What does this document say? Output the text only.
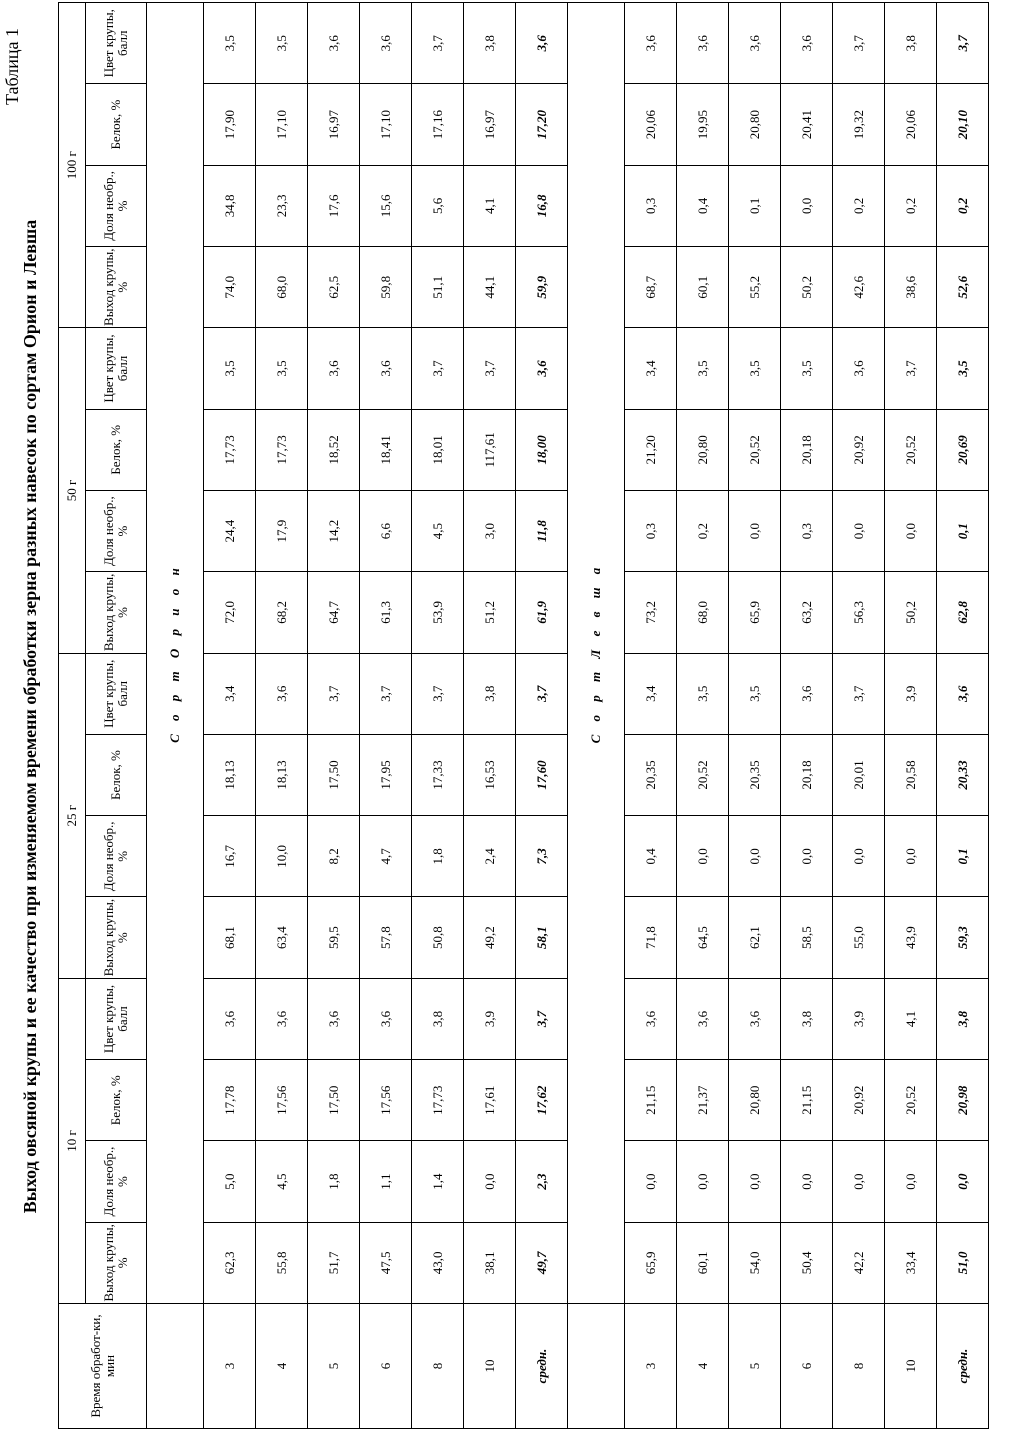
Таблица 1
Выход овсяной крупы и ее качество при изменяемом времени обработки зерна разных навесок по сортам Орион и Левша
Время обработ-ки, мин	10 г				25 г				50 г				100 г			
	Выход крупы, %	Доля необр., %	Белок, %	Цвет крупы, балл	Выход крупы, %	Доля необр., %	Белок, %	Цвет крупы, балл	Выход крупы, %	Доля необр., %	Белок, %	Цвет крупы, балл	Выход крупы, %	Доля необр., %	Белок, %	Цвет крупы, балл
	С о р т О р и о н															
3	62,3	5,0	17,78	3,6	68,1	16,7	18,13	3,4	72,0	24,4	17,73	3,5	74,0	34,8	17,90	3,5
4	55,8	4,5	17,56	3,6	63,4	10,0	18,13	3,6	68,2	17,9	17,73	3,5	68,0	23,3	17,10	3,5
5	51,7	1,8	17,50	3,6	59,5	8,2	17,50	3,7	64,7	14,2	18,52	3,6	62,5	17,6	16,97	3,6
6	47,5	1,1	17,56	3,6	57,8	4,7	17,95	3,7	61,3	6,6	18,41	3,6	59,8	15,6	17,10	3,6
8	43,0	1,4	17,73	3,8	50,8	1,8	17,33	3,7	53,9	4,5	18,01	3,7	51,1	5,6	17,16	3,7
10	38,1	0,0	17,61	3,9	49,2	2,4	16,53	3,8	51,2	3,0	117,61	3,7	44,1	4,1	16,97	3,8
средн.	49,7	2,3	17,62	3,7	58,1	7,3	17,60	3,7	61,9	11,8	18,00	3,6	59,9	16,8	17,20	3,6
	С о р т Л е в ш а															
3	65,9	0,0	21,15	3,6	71,8	0,4	20,35	3,4	73,2	0,3	21,20	3,4	68,7	0,3	20,06	3,6
4	60,1	0,0	21,37	3,6	64,5	0,0	20,52	3,5	68,0	0,2	20,80	3,5	60,1	0,4	19,95	3,6
5	54,0	0,0	20,80	3,6	62,1	0,0	20,35	3,5	65,9	0,0	20,52	3,5	55,2	0,1	20,80	3,6
6	50,4	0,0	21,15	3,8	58,5	0,0	20,18	3,6	63,2	0,3	20,18	3,5	50,2	0,0	20,41	3,6
8	42,2	0,0	20,92	3,9	55,0	0,0	20,01	3,7	56,3	0,0	20,92	3,6	42,6	0,2	19,32	3,7
10	33,4	0,0	20,52	4,1	43,9	0,0	20,58	3,9	50,2	0,0	20,52	3,7	38,6	0,2	20,06	3,8
средн.	51,0	0,0	20,98	3,8	59,3	0,1	20,33	3,6	62,8	0,1	20,69	3,5	52,6	0,2	20,10	3,7
